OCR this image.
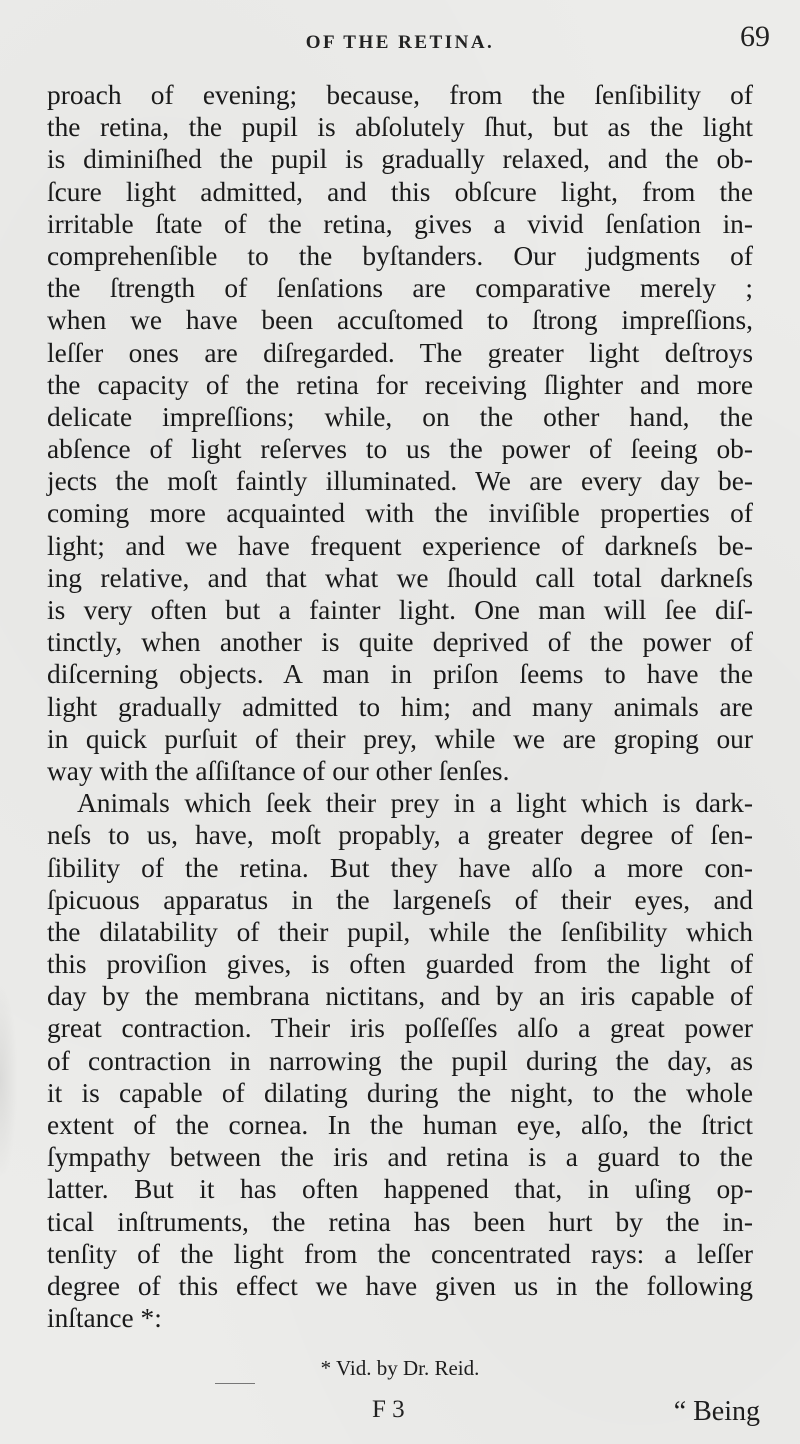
OF THE RETINA.	69
proach of evening; because, from the ſenſibility of
the retina, the pupil is abſolutely ſhut, but as the light
is diminiſhed the pupil is gradually relaxed, and the ob-
ſcure light admitted, and this obſcure light, from the
irritable ſtate of the retina, gives a vivid ſenſation in-
comprehenſible to the byſtanders. Our judgments of
the ſtrength of ſenſations are comparative merely ;
when we have been accuſtomed to ſtrong impreſſions,
leſſer ones are diſregarded. The greater light deſtroys
the capacity of the retina for receiving ſlighter and more
delicate impreſſions; while, on the other hand, the
abſence of light reſerves to us the power of ſeeing ob-
jects the moſt faintly illuminated. We are every day be-
coming more acquainted with the inviſible properties of
light; and we have frequent experience of darkneſs be-
ing relative, and that what we ſhould call total darkneſs
is very often but a fainter light. One man will ſee diſ-
tinctly, when another is quite deprived of the power of
diſcerning objects. A man in priſon ſeems to have the
light gradually admitted to him; and many animals are
in quick purſuit of their prey, while we are groping our
way with the aſſiſtance of our other ſenſes.
Animals which ſeek their prey in a light which is dark-
neſs to us, have, moſt propably, a greater degree of ſen-
ſibility of the retina. But they have alſo a more con-
ſpicuous apparatus in the largeneſs of their eyes, and
the dilatability of their pupil, while the ſenſibility which
this proviſion gives, is often guarded from the light of
day by the membrana nictitans, and by an iris capable of
great contraction. Their iris poſſeſſes alſo a great power
of contraction in narrowing the pupil during the day, as
it is capable of dilating during the night, to the whole
extent of the cornea. In the human eye, alſo, the ſtrict
ſympathy between the iris and retina is a guard to the
latter. But it has often happened that, in uſing op-
tical inſtruments, the retina has been hurt by the in-
tenſity of the light from the concentrated rays: a leſſer
degree of this effect we have given us in the following
inſtance *:
* Vid. by Dr. Reid.
F 3	“ Being
